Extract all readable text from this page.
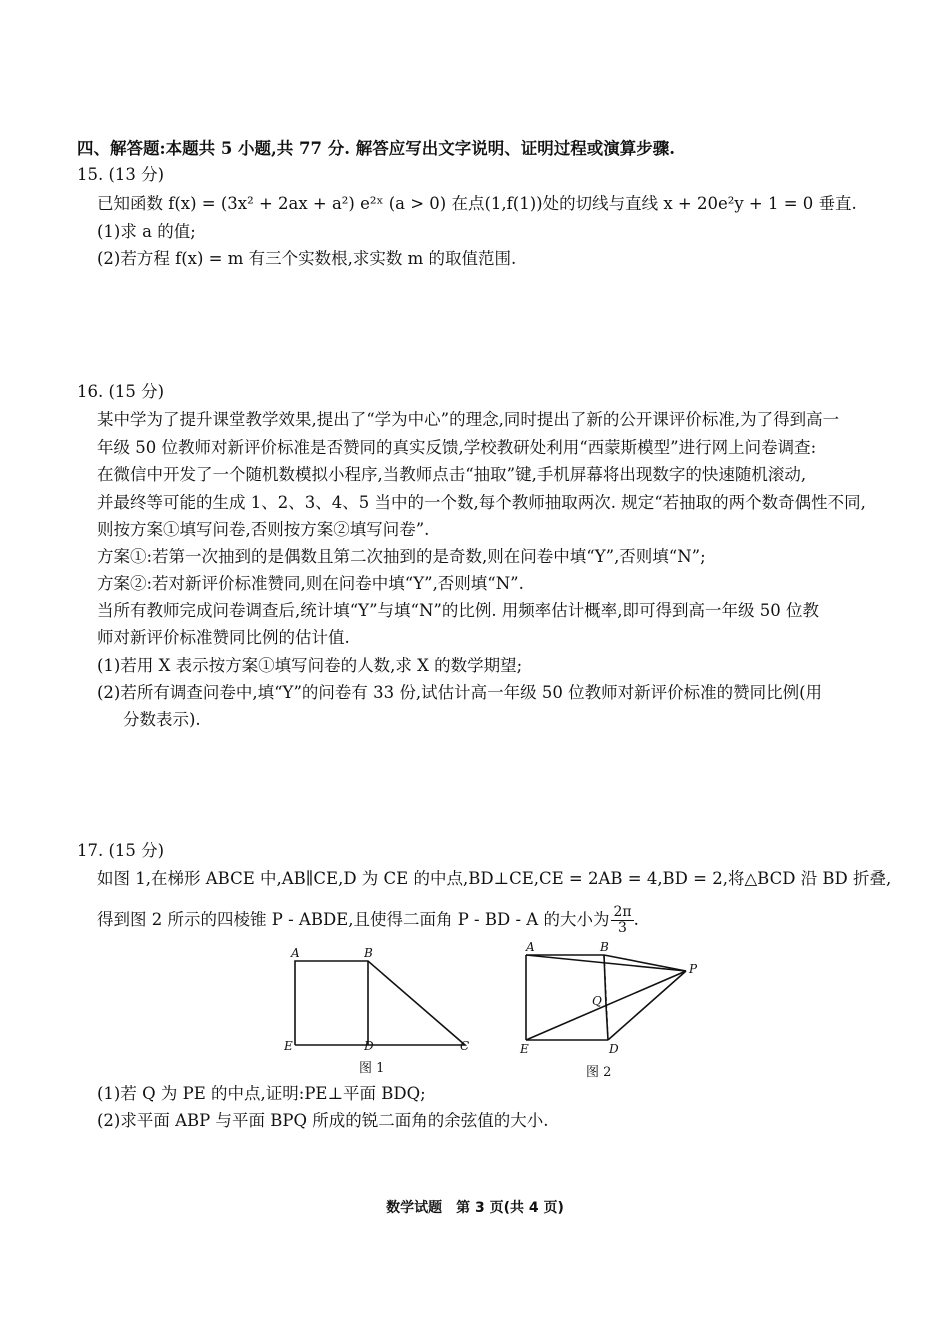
四、解答题:本题共 5 小题,共 77 分. 解答应写出文字说明、证明过程或演算步骤.
15. (13 分)
已知函数 f(x) = (3x² + 2ax + a²) e²ˣ (a > 0) 在点(1,f(1))处的切线与直线 x + 20e²y + 1 = 0 垂直.
(1)求 a 的值;
(2)若方程 f(x) = m 有三个实数根,求实数 m 的取值范围.
16. (15 分)
某中学为了提升课堂教学效果,提出了“学为中心”的理念,同时提出了新的公开课评价标准,为了得到高一
年级 50 位教师对新评价标准是否赞同的真实反馈,学校教研处利用“西蒙斯模型”进行网上问卷调查:
在微信中开发了一个随机数模拟小程序,当教师点击“抽取”键,手机屏幕将出现数字的快速随机滚动,
并最终等可能的生成 1、2、3、4、5 当中的一个数,每个教师抽取两次. 规定“若抽取的两个数奇偶性不同,
则按方案①填写问卷,否则按方案②填写问卷”.
方案①:若第一次抽到的是偶数且第二次抽到的是奇数,则在问卷中填“Y”,否则填“N”;
方案②:若对新评价标准赞同,则在问卷中填“Y”,否则填“N”.
当所有教师完成问卷调查后,统计填“Y”与填“N”的比例. 用频率估计概率,即可得到高一年级 50 位教
师对新评价标准赞同比例的估计值.
(1)若用 X 表示按方案①填写问卷的人数,求 X 的数学期望;
(2)若所有调查问卷中,填“Y”的问卷有 33 份,试估计高一年级 50 位教师对新评价标准的赞同比例(用
分数表示).
17. (15 分)
如图 1,在梯形 ABCE 中,AB∥CE,D 为 CE 的中点,BD⊥CE,CE = 2AB = 4,BD = 2,将△BCD 沿 BD 折叠,
得到图 2 所示的四棱锥 P - ABDE,且使得二面角 P - BD - A 的大小为 $\frac{2\pi}{3}$ .
A	B
E	D	C
图 1
A	B
P
Q
E	D
图 2
(1)若 Q 为 PE 的中点,证明:PE⊥平面 BDQ;
(2)求平面 ABP 与平面 BPQ 所成的锐二面角的余弦值的大小.
数学试题　第 3 页(共 4 页)
